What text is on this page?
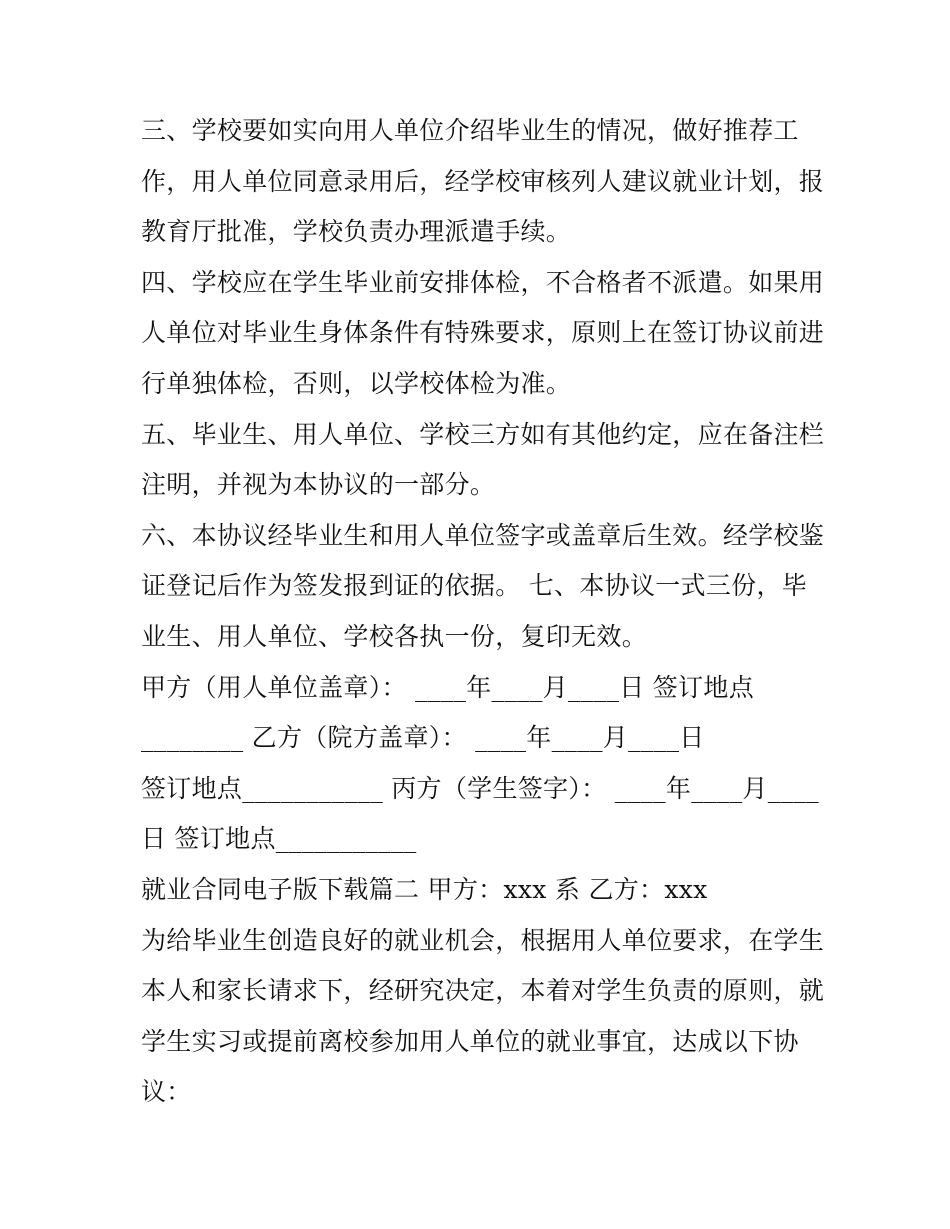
三、学校要如实向用人单位介绍毕业生的情况，做好推荐工
作，用人单位同意录用后，经学校审核列人建议就业计划，报
教育厅批准，学校负责办理派遣手续。
四、学校应在学生毕业前安排体检，不合格者不派遣。如果用
人单位对毕业生身体条件有特殊要求，原则上在签订协议前进
行单独体检，否则，以学校体检为准。
五、毕业生、用人单位、学校三方如有其他约定，应在备注栏
注明，并视为本协议的一部分。
六、本协议经毕业生和用人单位签字或盖章后生效。经学校鉴
证登记后作为签发报到证的依据。 七、本协议一式三份，毕
业生、用人单位、学校各执一份，复印无效。
甲方（用人单位盖章）： ____年____月____日 签订地点
________ 乙方（院方盖章）： ____年____月____日
签订地点___________ 丙方（学生签字）： ____年____月____
日 签订地点___________
就业合同电子版下载篇二 甲方：xxx 系 乙方：xxx
为给毕业生创造良好的就业机会，根据用人单位要求，在学生
本人和家长请求下，经研究决定，本着对学生负责的原则，就
学生实习或提前离校参加用人单位的就业事宜，达成以下协
议：
